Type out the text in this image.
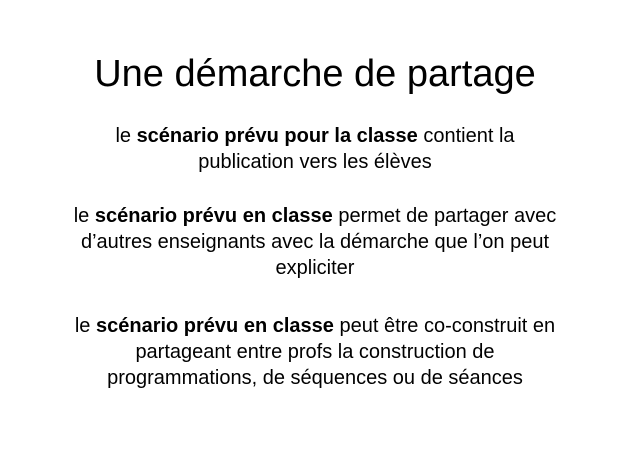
Une démarche de partage
le scénario prévu pour la classe contient la
publication vers les élèves
le scénario prévu en classe permet de partager avec
d’autres enseignants avec la démarche que l’on peut
expliciter
le scénario prévu en classe peut être co-construit en
partageant entre profs la construction de
programmations, de séquences ou de séances
